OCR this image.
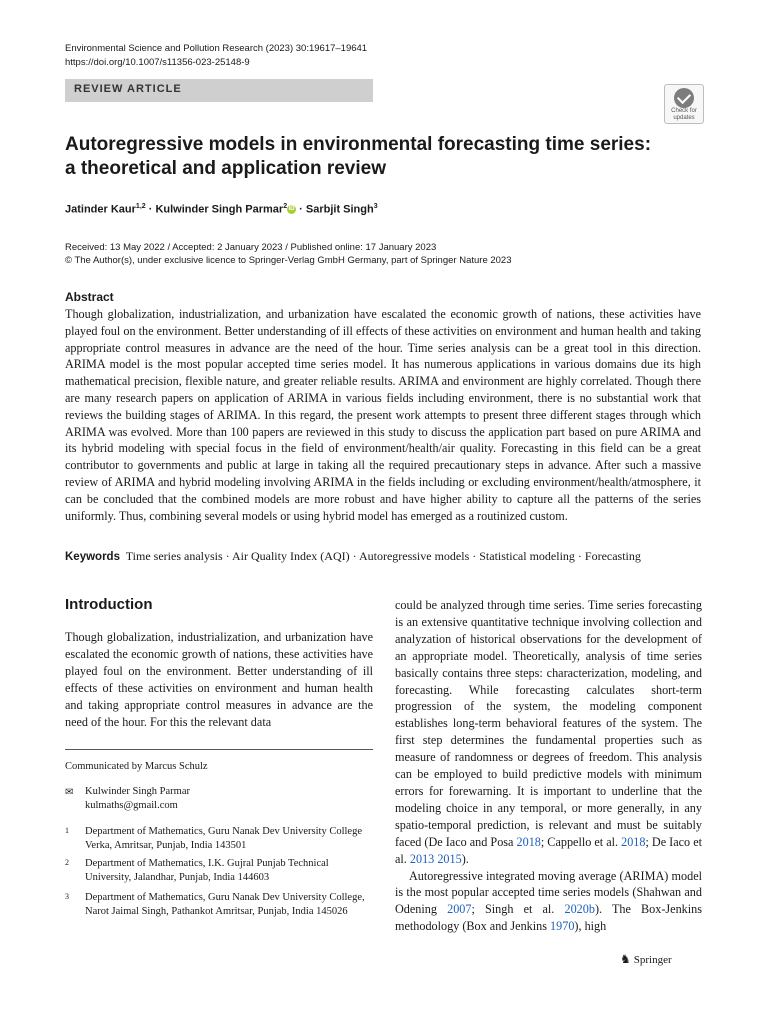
Environmental Science and Pollution Research (2023) 30:19617–19641
https://doi.org/10.1007/s11356-023-25148-9
REVIEW ARTICLE
Check for updates
Autoregressive models in environmental forecasting time series:
a theoretical and application review
Jatinder Kaur$^{1,2}$ · Kulwinder Singh Parmar$^2$ iD · Sarbjit Singh$^3$
Received: 13 May 2022 / Accepted: 2 January 2023 / Published online: 17 January 2023
© The Author(s), under exclusive licence to Springer-Verlag GmbH Germany, part of Springer Nature 2023
Abstract

Though globalization, industrialization, and urbanization have escalated the economic growth of nations, these activities have played foul on the environment. Better understanding of ill effects of these activities on environment and human health and taking appropriate control measures in advance are the need of the hour. Time series analysis can be a great tool in this direction. ARIMA model is the most popular accepted time series model. It has numerous applications in various domains due its high mathematical precision, flexible nature, and greater reliable results. ARIMA and environment are highly correlated. Though there are many research papers on application of ARIMA in various fields including environment, there is no substantial work that reviews the building stages of ARIMA. In this regard, the present work attempts to present three different stages through which ARIMA was evolved. More than 100 papers are reviewed in this study to discuss the application part based on pure ARIMA and its hybrid modeling with special focus in the field of environment/health/air quality. Forecasting in this field can be a great contributor to governments and public at large in taking all the required precautionary steps in advance. After such a massive review of ARIMA and hybrid modeling involving ARIMA in the fields including or excluding environment/health/atmosphere, it can be concluded that the combined models are more robust and have higher ability to capture all the patterns of the series uniformly. Thus, combining several models or using hybrid model has emerged as a routinized custom.

Keywords Time series analysis · Air Quality Index (AQI) · Autoregressive models · Statistical modeling · Forecasting
Introduction

Though globalization, industrialization, and urbanization have escalated the economic growth of nations, these activities have played foul on the environment. Better understanding of ill effects of these activities on environment and human health and taking appropriate control measures in advance are the need of the hour. For this the relevant data

could be analyzed through time series. Time series forecasting is an extensive quantitative technique involving collection and analyzation of historical observations for the development of an appropriate model. Theoretically, analysis of time series basically contains three steps: characterization, modeling, and forecasting. While forecasting calculates short-term progression of the system, the modeling component establishes long-term behavioral features of the system. The first step determines the fundamental properties such as measure of randomness or degrees of freedom. This analysis can be employed to build predictive models with minimum errors for forewarning. It is important to underline that the modeling choice in any temporal, or more generally, in any spatio-temporal prediction, is relevant and must be suitably faced (De Iaco and Posa 2018; Cappello et al. 2018; De Iaco et al. 2013 2015).

Autoregressive integrated moving average (ARIMA) model is the most popular accepted time series models (Shahwan and Odening 2007; Singh et al. 2020b). The Box-Jenkins methodology (Box and Jenkins 1970), high

Communicated by Marcus Schulz
✉ Kulwinder Singh Parmar
kulmaths@gmail.com
1 Department of Mathematics, Guru Nanak Dev University College Verka, Amritsar, Punjab, India 143501
2 Department of Mathematics, I.K. Gujral Punjab Technical University, Jalandhar, Punjab, India 144603
3 Department of Mathematics, Guru Nanak Dev University College, Narot Jaimal Singh, Pathankot Amritsar, Punjab, India 145026
♞ Springer
